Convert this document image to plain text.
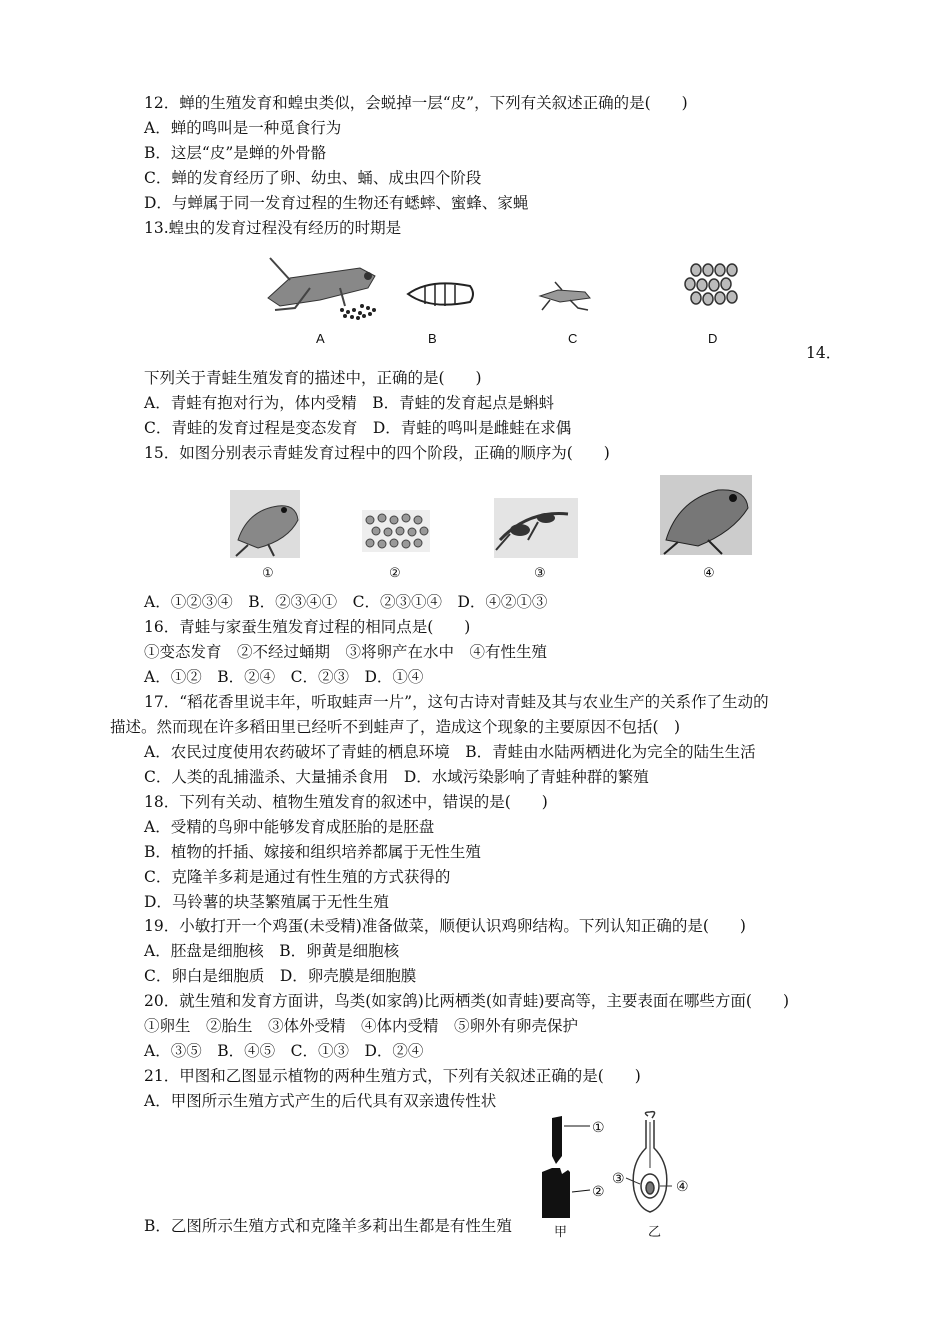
12．蝉的生殖发育和蝗虫类似，会蜕掉一层“皮”，下列有关叙述正确的是(　　)
A．蝉的鸣叫是一种觅食行为
B．这层“皮”是蝉的外骨骼
C．蝉的发育经历了卵、幼虫、蛹、成虫四个阶段
D．与蝉属于同一发育过程的生物还有蟋蟀、蜜蜂、家蝇
13.蝗虫的发育过程没有经历的时期是
A	B	C	D
14．
下列关于青蛙生殖发育的描述中，正确的是(　　)
A．青蛙有抱对行为，体内受精　B．青蛙的发育起点是蝌蚪
C．青蛙的发育过程是变态发育　D．青蛙的鸣叫是雌蛙在求偶
15．如图分别表示青蛙发育过程中的四个阶段，正确的顺序为(　　)
①	②	③	④
A．①②③④　B．②③④①　C．②③①④　D．④②①③
16．青蛙与家蚕生殖发育过程的相同点是(　　)
①变态发育　②不经过蛹期　③将卵产在水中　④有性生殖
A．①②　B．②④　C．②③　D．①④
17．“稻花香里说丰年，听取蛙声一片”，这句古诗对青蛙及其与农业生产的关系作了生动的
描述。然而现在许多稻田里已经听不到蛙声了，造成这个现象的主要原因不包括(　)
A．农民过度使用农药破坏了青蛙的栖息环境　B．青蛙由水陆两栖进化为完全的陆生生活
C．人类的乱捕滥杀、大量捕杀食用　D．水域污染影响了青蛙种群的繁殖
18．下列有关动、植物生殖发育的叙述中，错误的是(　　)
A．受精的鸟卵中能够发育成胚胎的是胚盘
B．植物的扦插、嫁接和组织培养都属于无性生殖
C．克隆羊多莉是通过有性生殖的方式获得的
D．马铃薯的块茎繁殖属于无性生殖
19．小敏打开一个鸡蛋(未受精)准备做菜，顺便认识鸡卵结构。下列认知正确的是(　　)
A．胚盘是细胞核　B．卵黄是细胞核
C．卵白是细胞质　D．卵壳膜是细胞膜
20．就生殖和发育方面讲，鸟类(如家鸽)比两栖类(如青蛙)要高等，主要表面在哪些方面(　　)
①卵生　②胎生　③体外受精　④体内受精　⑤卵外有卵壳保护
A．③⑤　B．④⑤　C．①③　D．②④
21．甲图和乙图显示植物的两种生殖方式，下列有关叙述正确的是(　　)
A．甲图所示生殖方式产生的后代具有双亲遗传性状
①
②
③	④
甲	乙
B．乙图所示生殖方式和克隆羊多莉出生都是有性生殖
